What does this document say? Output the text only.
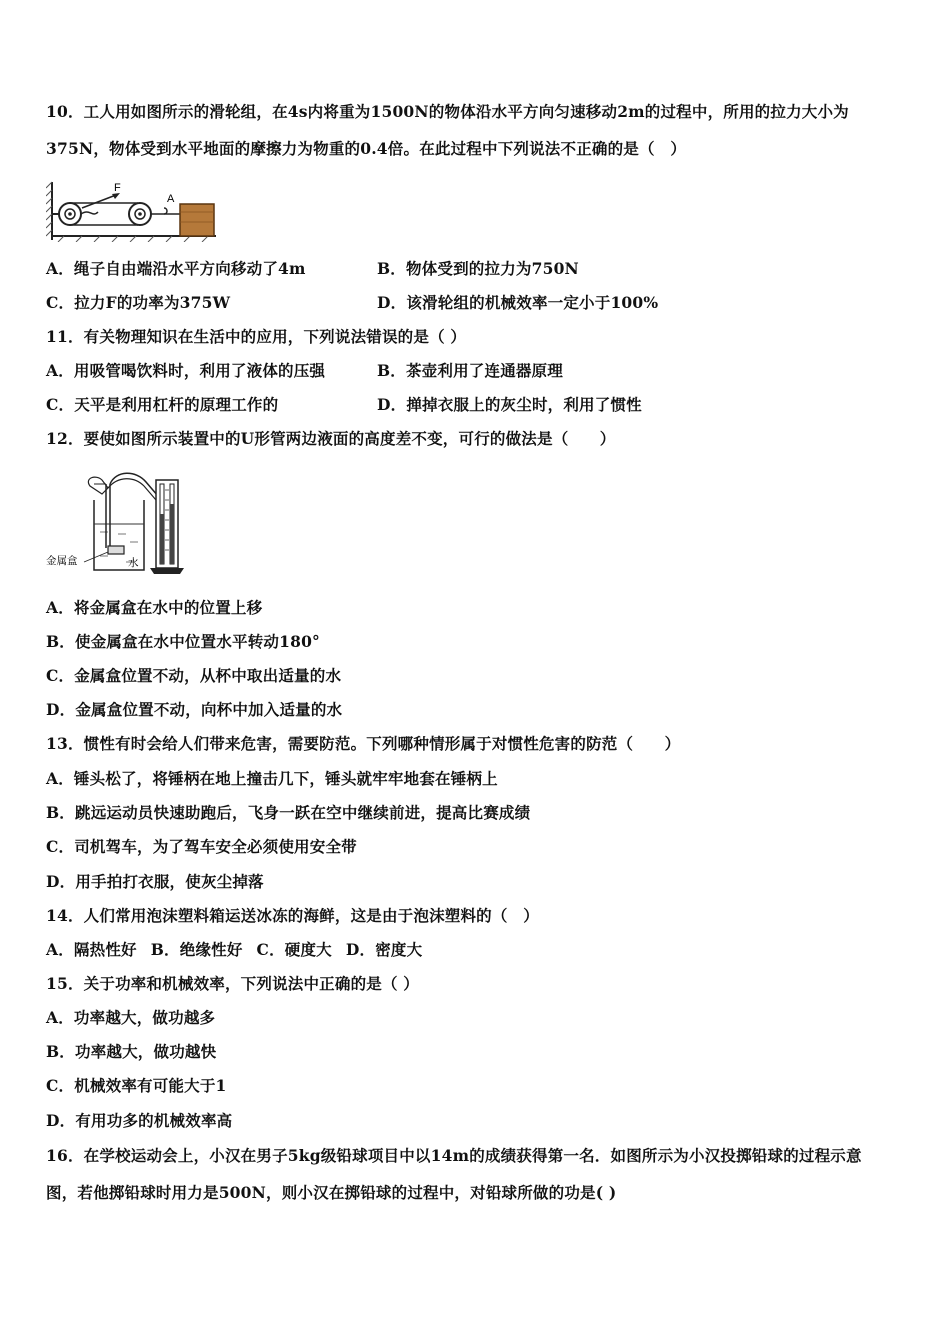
10．工人用如图所示的滑轮组，在4s内将重为1500N的物体沿水平方向匀速移动2m的过程中，所用的拉力大小为
375N，物体受到水平地面的摩擦力为物重的0.4倍。在此过程中下列说法不正确的是（　）
F
A
A．绳子自由端沿水平方向移动了4m	B．物体受到的拉力为750N
C．拉力F的功率为375W	D．该滑轮组的机械效率一定小于100%
11．有关物理知识在生活中的应用，下列说法错误的是（ ）
A．用吸管喝饮料时，利用了液体的压强	B．茶壶利用了连通器原理
C．天平是利用杠杆的原理工作的	D．掸掉衣服上的灰尘时，利用了惯性
12．要使如图所示装置中的U形管两边液面的高度差不变，可行的做法是（　　）
金属盒	水
A．将金属盒在水中的位置上移
B．使金属盒在水中位置水平转动180°
C．金属盒位置不动，从杯中取出适量的水
D．金属盒位置不动，向杯中加入适量的水
13．惯性有时会给人们带来危害，需要防范。下列哪种情形属于对惯性危害的防范（　　）
A．锤头松了，将锤柄在地上撞击几下，锤头就牢牢地套在锤柄上
B．跳远运动员快速助跑后，飞身一跃在空中继续前进，提高比赛成绩
C．司机驾车，为了驾车安全必须使用安全带
D．用手拍打衣服，使灰尘掉落
14．人们常用泡沫塑料箱运送冰冻的海鲜，这是由于泡沫塑料的（　）
A．隔热性好 B．绝缘性好 C．硬度大 D．密度大
15．关于功率和机械效率，下列说法中正确的是（ ）
A．功率越大，做功越多
B．功率越大，做功越快
C．机械效率有可能大于1
D．有用功多的机械效率高
16．在学校运动会上，小汉在男子5kg级铅球项目中以14m的成绩获得第一名．如图所示为小汉投掷铅球的过程示意
图，若他掷铅球时用力是500N，则小汉在掷铅球的过程中，对铅球所做的功是( )
